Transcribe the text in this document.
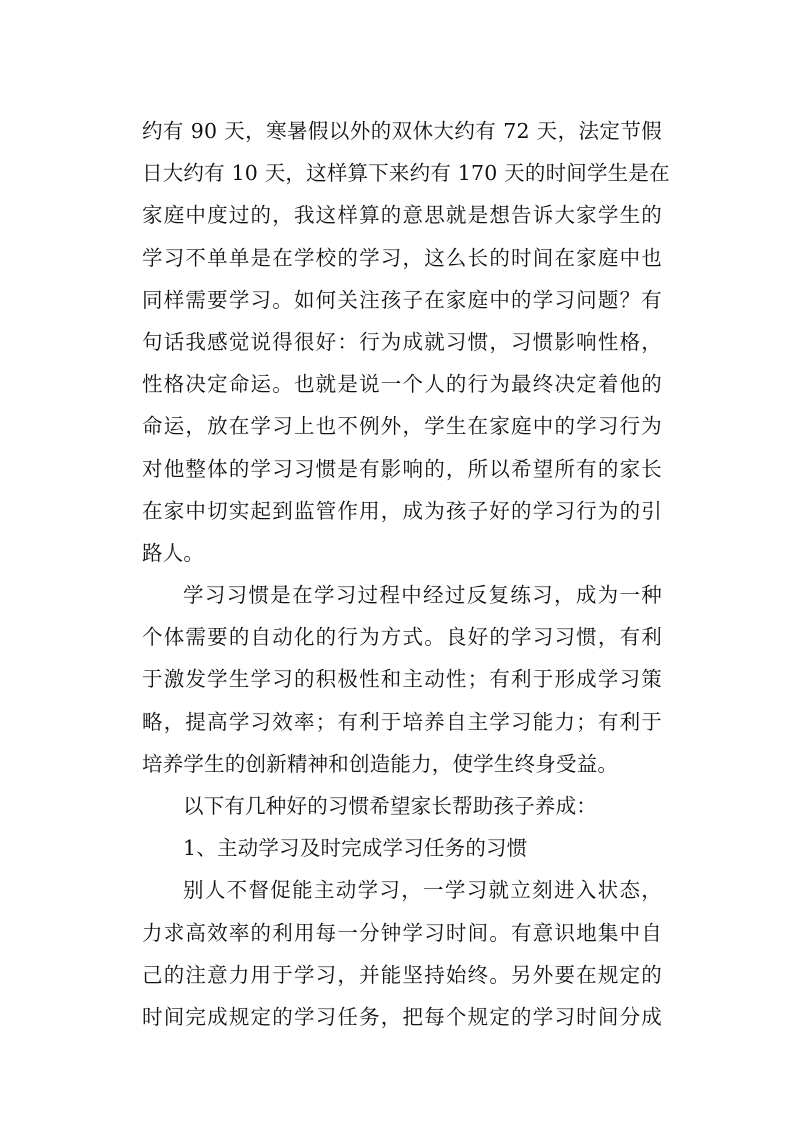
约有 90 天，寒暑假以外的双休大约有 72 天，法定节假
日大约有 10 天，这样算下来约有 170 天的时间学生是在
家庭中度过的，我这样算的意思就是想告诉大家学生的
学习不单单是在学校的学习，这么长的时间在家庭中也
同样需要学习。如何关注孩子在家庭中的学习问题？有
句话我感觉说得很好：行为成就习惯，习惯影响性格，
性格决定命运。也就是说一个人的行为最终决定着他的
命运，放在学习上也不例外，学生在家庭中的学习行为
对他整体的学习习惯是有影响的，所以希望所有的家长
在家中切实起到监管作用，成为孩子好的学习行为的引
路人。
学习习惯是在学习过程中经过反复练习，成为一种
个体需要的自动化的行为方式。良好的学习习惯，有利
于激发学生学习的积极性和主动性；有利于形成学习策
略，提高学习效率；有利于培养自主学习能力；有利于
培养学生的创新精神和创造能力，使学生终身受益。
以下有几种好的习惯希望家长帮助孩子养成：
1、主动学习及时完成学习任务的习惯
别人不督促能主动学习，一学习就立刻进入状态，
力求高效率的利用每一分钟学习时间。有意识地集中自
己的注意力用于学习，并能坚持始终。另外要在规定的
时间完成规定的学习任务，把每个规定的学习时间分成
